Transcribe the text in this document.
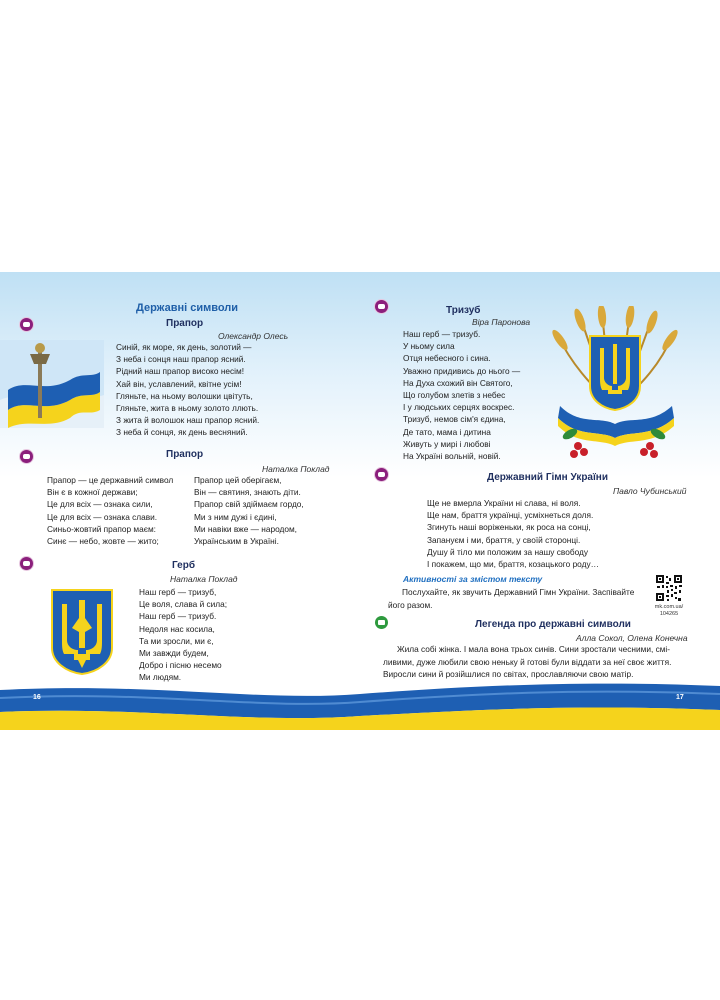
16	17
Державні символи
Прапор
Олександр Олесь
Синій, як море, як день, золотий —
З неба і сонця наш прапор ясний.
Рідний наш прапор високо несім!
Хай він, уславлений, квітне усім!
Гляньте, на ньому волошки цвітуть,
Гляньте, жита в ньому золото ллють.
З жита й волошок наш прапор ясний.
З неба й сонця, як день весняний.
Прапор
Наталка Поклад
Прапор — це державний символ
Він є в кожної держави;
Це для всіх — ознака сили,
Це для всіх — ознака слави.
Синьо-жовтий прапор маєм:
Синє — небо, жовте — жито;
Прапор цей оберігаєм,
Він — святиня, знають діти.
Прапор свій здіймаєм гордо,
Ми з ним дужі і єдині,
Ми навіки вже — народом,
Українським в Україні.
Герб
Наталка Поклад
Наш герб — тризуб,
Це воля, слава й сила;
Наш герб — тризуб.
Недоля нас косила,
Та ми зросли, ми є,
Ми завжди будем,
Добро і пісню несемо
Ми людям.
Тризуб
Віра Паронова
Наш герб — тризуб.
У ньому сила
Отця небесного і сина.
Уважно придивись до нього —
На Духа схожий він Святого,
Що голубом злетів з небес
І у людських серцях воскрес.
Тризуб, немов сім'я єдина,
Де тато, мама і дитина
Живуть у мирі і любові
На Україні вольній, новій.
Державний Гімн України
Павло Чубинський
Ще не вмерла України ні слава, ні воля.
Ще нам, браття українці, усміхнеться доля.
Згинуть наші воріженьки, як роса на сонці,
Запануєм і ми, браття, у своїй сторонці.
Душу й тіло ми положим за нашу свободу
І покажем, що ми, браття, козацького роду…
Активності за змістом тексту
Послухайте, як звучить Державний Гімн України. Заспівайте
його разом.	mk.com.ua/
104265
Легенда про державні символи
Алла Сокол, Олена Конечна
Жила собі жінка. І мала вона трьох синів. Сини зростали чесними, смі-
ливими, дуже любили свою неньку й готові були віддати за неї своє життя.
Виросли сини й розійшлися по світах, прославляючи свою матір.
